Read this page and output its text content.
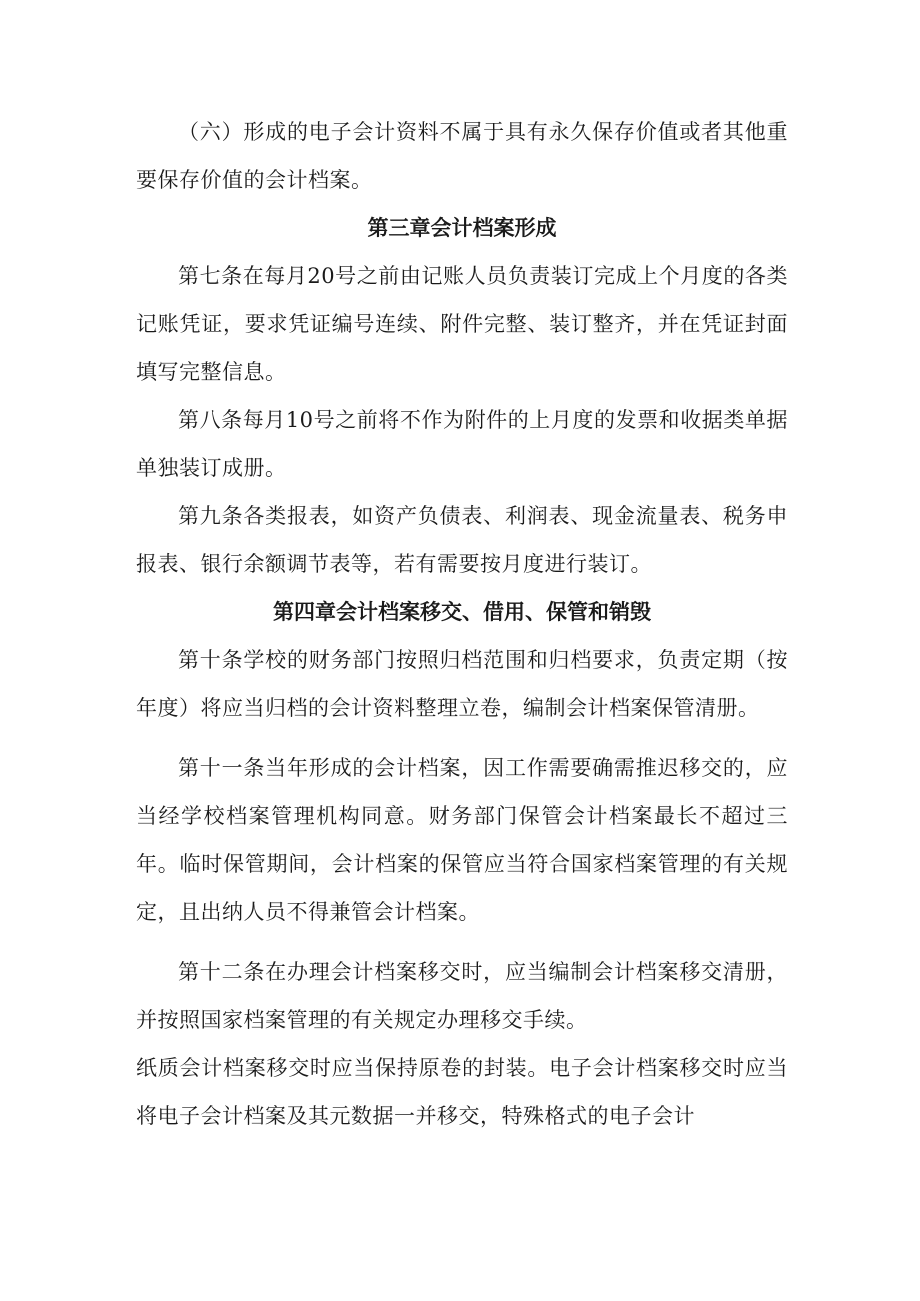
（六）形成的电子会计资料不属于具有永久保存价值或者其他重要保存价值的会计档案。

第三章会计档案形成

第七条在每月20号之前由记账人员负责装订完成上个月度的各类记账凭证，要求凭证编号连续、附件完整、装订整齐，并在凭证封面填写完整信息。

第八条每月10号之前将不作为附件的上月度的发票和收据类单据单独装订成册。

第九条各类报表，如资产负债表、利润表、现金流量表、税务申报表、银行余额调节表等，若有需要按月度进行装订。

第四章会计档案移交、借用、保管和销毁

第十条学校的财务部门按照归档范围和归档要求，负责定期（按年度）将应当归档的会计资料整理立卷，编制会计档案保管清册。

第十一条当年形成的会计档案，因工作需要确需推迟移交的，应当经学校档案管理机构同意。财务部门保管会计档案最长不超过三年。临时保管期间，会计档案的保管应当符合国家档案管理的有关规定，且出纳人员不得兼管会计档案。

第十二条在办理会计档案移交时，应当编制会计档案移交清册，并按照国家档案管理的有关规定办理移交手续。

纸质会计档案移交时应当保持原卷的封装。电子会计档案移交时应当将电子会计档案及其元数据一并移交，特殊格式的电子会计
